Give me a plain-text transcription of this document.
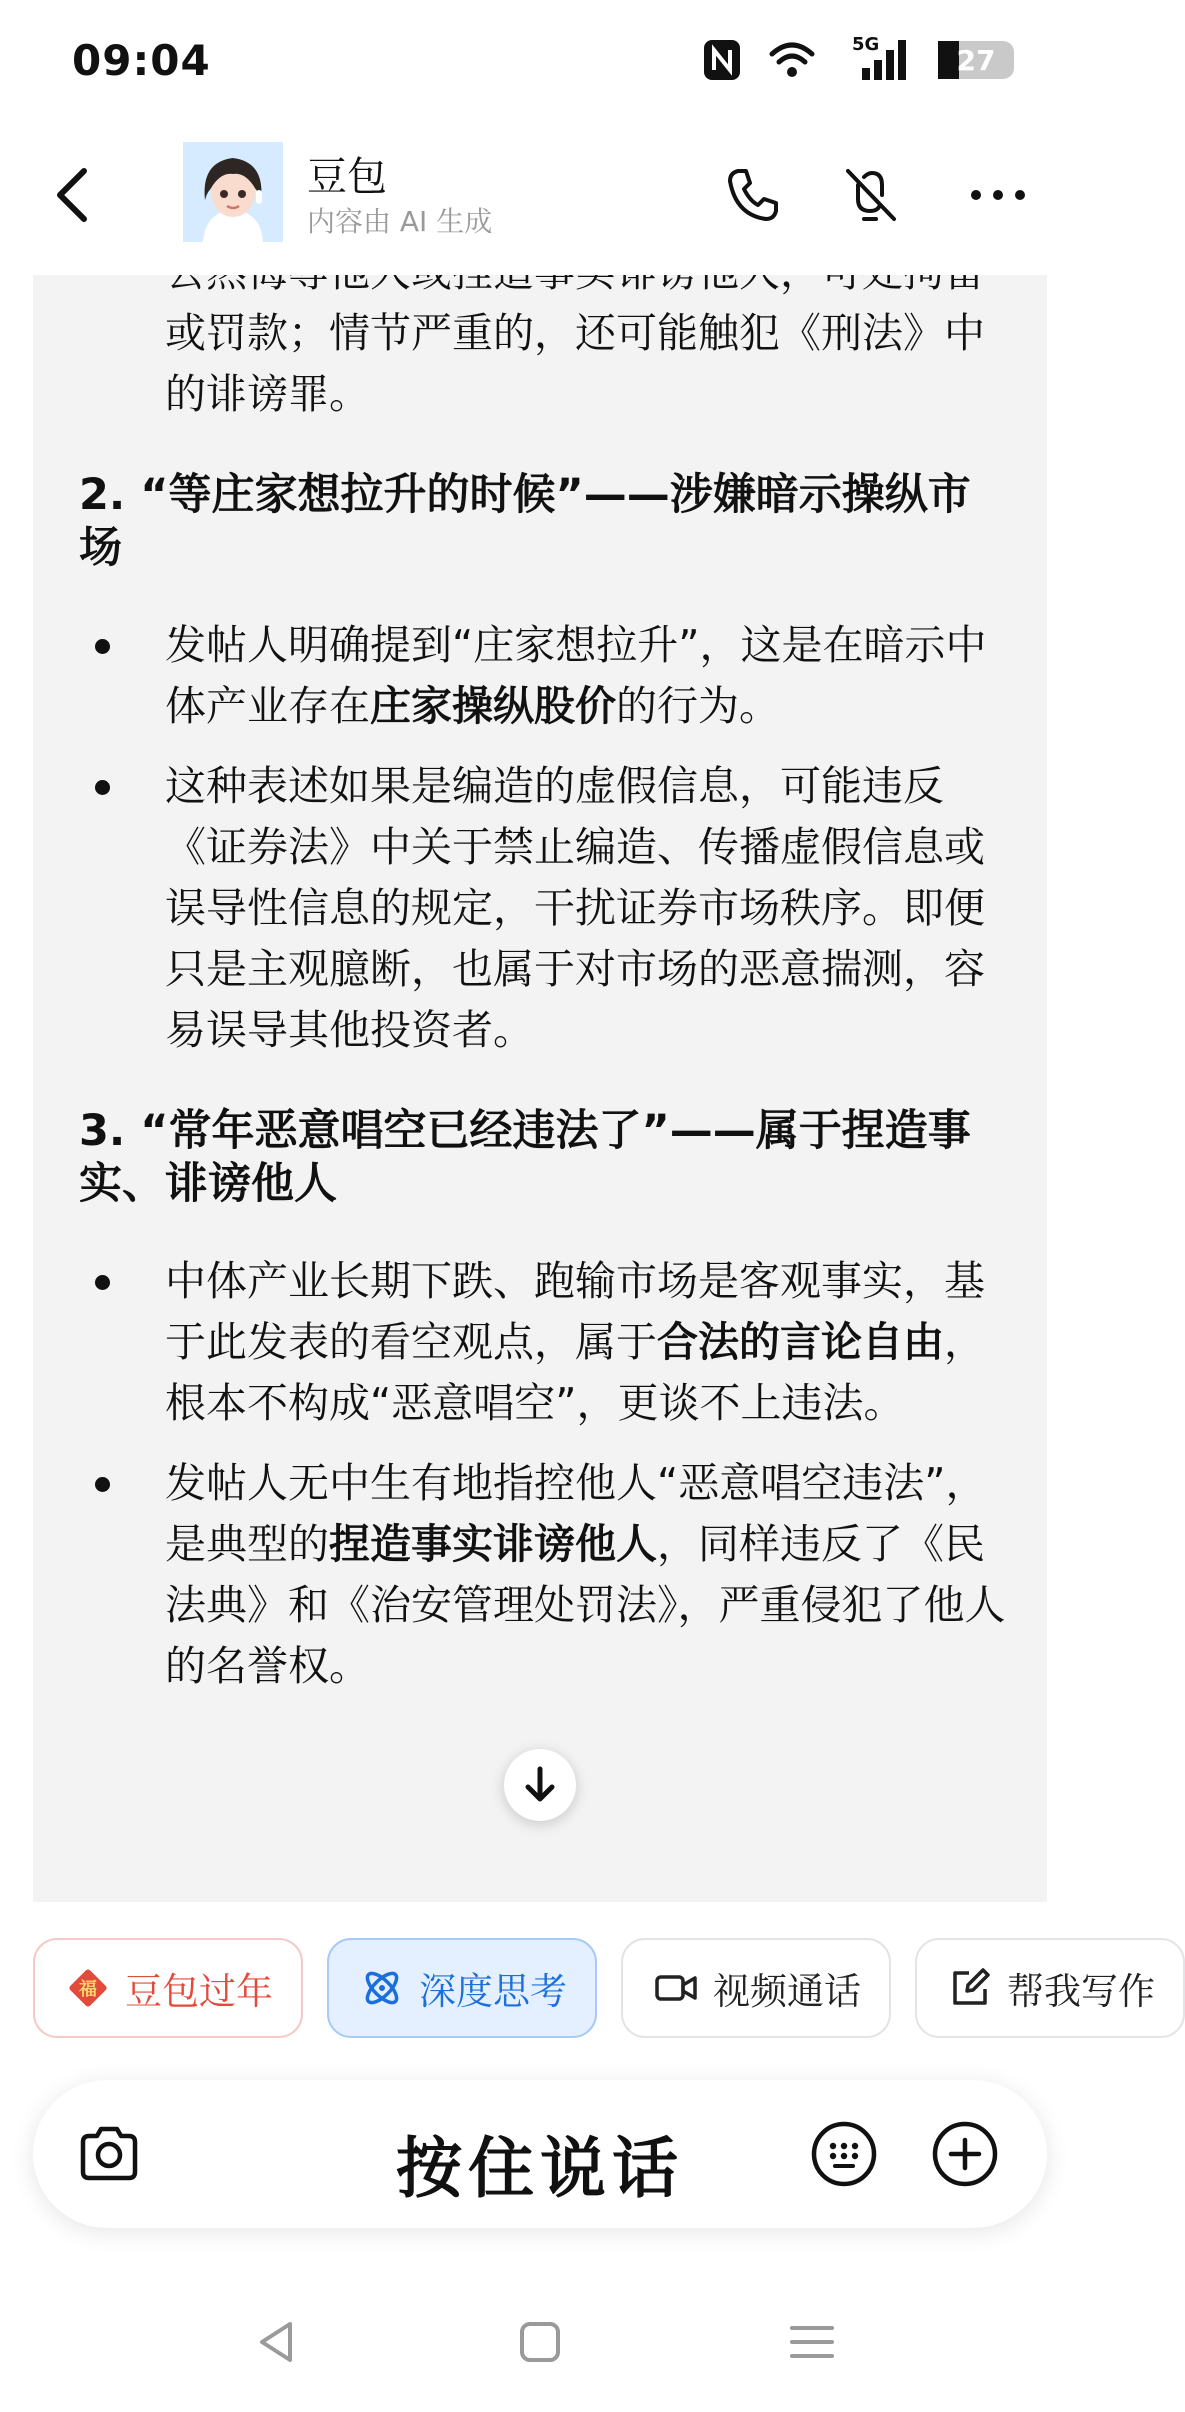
09:04	5G	27
豆包
内容由 AI 生成

或罚款；情节严重的，还可能触犯《刑法》中的诽谤罪。

2. “等庄家想拉升的时候”——涉嫌暗示操纵市场

发帖人明确提到“庄家想拉升”，这是在暗示中体产业存在庄家操纵股价的行为。

这种表述如果是编造的虚假信息，可能违反《证券法》中关于禁止编造、传播虚假信息或误导性信息的规定，干扰证券市场秩序。即便只是主观臆断，也属于对市场的恶意揣测，容易误导其他投资者。

3. “常年恶意唱空已经违法了”——属于捏造事实、诽谤他人

中体产业长期下跌、跑输市场是客观事实，基于此发表的看空观点，属于合法的言论自由，根本不构成“恶意唱空”，更谈不上违法。

发帖人无中生有地指控他人“恶意唱空违法”，是典型的捏造事实诽谤他人，同样违反了《民法典》和《治安管理处罚法》，严重侵犯了他人的名誉权。

福 豆包过年	深度思考	视频通话	帮我写作
按住说话
